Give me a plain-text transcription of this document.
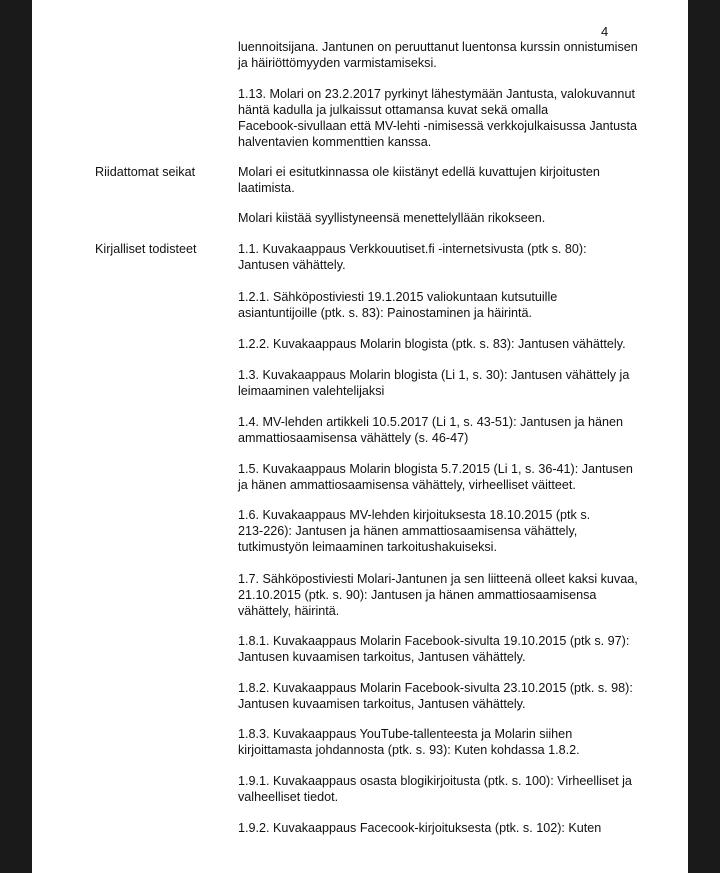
4
Riidattomat seikat
Kirjalliset todisteet
luennoitsijana. Jantunen on peruuttanut luentonsa kurssin onnistumisen
ja häiriöttömyyden varmistamiseksi.
1.13. Molari on 23.2.2017 pyrkinyt lähestymään Jantusta, valokuvannut
häntä kadulla ja julkaissut ottamansa kuvat sekä omalla
Facebook-sivullaan että MV-lehti -nimisessä verkkojulkaisussa Jantusta
halventavien kommenttien kanssa.
Molari ei esitutkinnassa ole kiistänyt edellä kuvattujen kirjoitusten
laatimista.
Molari kiistää syyllistyneensä menettelyllään rikokseen.
1.1. Kuvakaappaus Verkkouutiset.fi -internetsivusta (ptk s. 80):
Jantusen vähättely.
1.2.1. Sähköpostiviesti 19.1.2015 valiokuntaan kutsutuille
asiantuntijoille (ptk. s. 83): Painostaminen ja häirintä.
1.2.2. Kuvakaappaus Molarin blogista (ptk. s. 83): Jantusen vähättely.
1.3. Kuvakaappaus Molarin blogista (Li 1, s. 30): Jantusen vähättely ja
leimaaminen valehtelijaksi
1.4. MV-lehden artikkeli 10.5.2017 (Li 1, s. 43-51): Jantusen ja hänen
ammattiosaamisensa vähättely (s. 46-47)
1.5. Kuvakaappaus Molarin blogista 5.7.2015 (Li 1, s. 36-41): Jantusen
ja hänen ammattiosaamisensa vähättely, virheelliset väitteet.
1.6. Kuvakaappaus MV-lehden kirjoituksesta 18.10.2015 (ptk s.
213-226): Jantusen ja hänen ammattiosaamisensa vähättely,
tutkimustyön leimaaminen tarkoitushakuiseksi.
1.7. Sähköpostiviesti Molari-Jantunen ja sen liitteenä olleet kaksi kuvaa,
21.10.2015 (ptk. s. 90): Jantusen ja hänen ammattiosaamisensa
vähättely, häirintä.
1.8.1. Kuvakaappaus Molarin Facebook-sivulta 19.10.2015 (ptk s. 97):
Jantusen kuvaamisen tarkoitus, Jantusen vähättely.
1.8.2. Kuvakaappaus Molarin Facebook-sivulta 23.10.2015 (ptk. s. 98):
Jantusen kuvaamisen tarkoitus, Jantusen vähättely.
1.8.3. Kuvakaappaus YouTube-tallenteesta ja Molarin siihen
kirjoittamasta johdannosta (ptk. s. 93): Kuten kohdassa 1.8.2.
1.9.1. Kuvakaappaus osasta blogikirjoitusta (ptk. s. 100): Virheelliset ja
valheelliset tiedot.
1.9.2. Kuvakaappaus Facecook-kirjoituksesta (ptk. s. 102): Kuten
